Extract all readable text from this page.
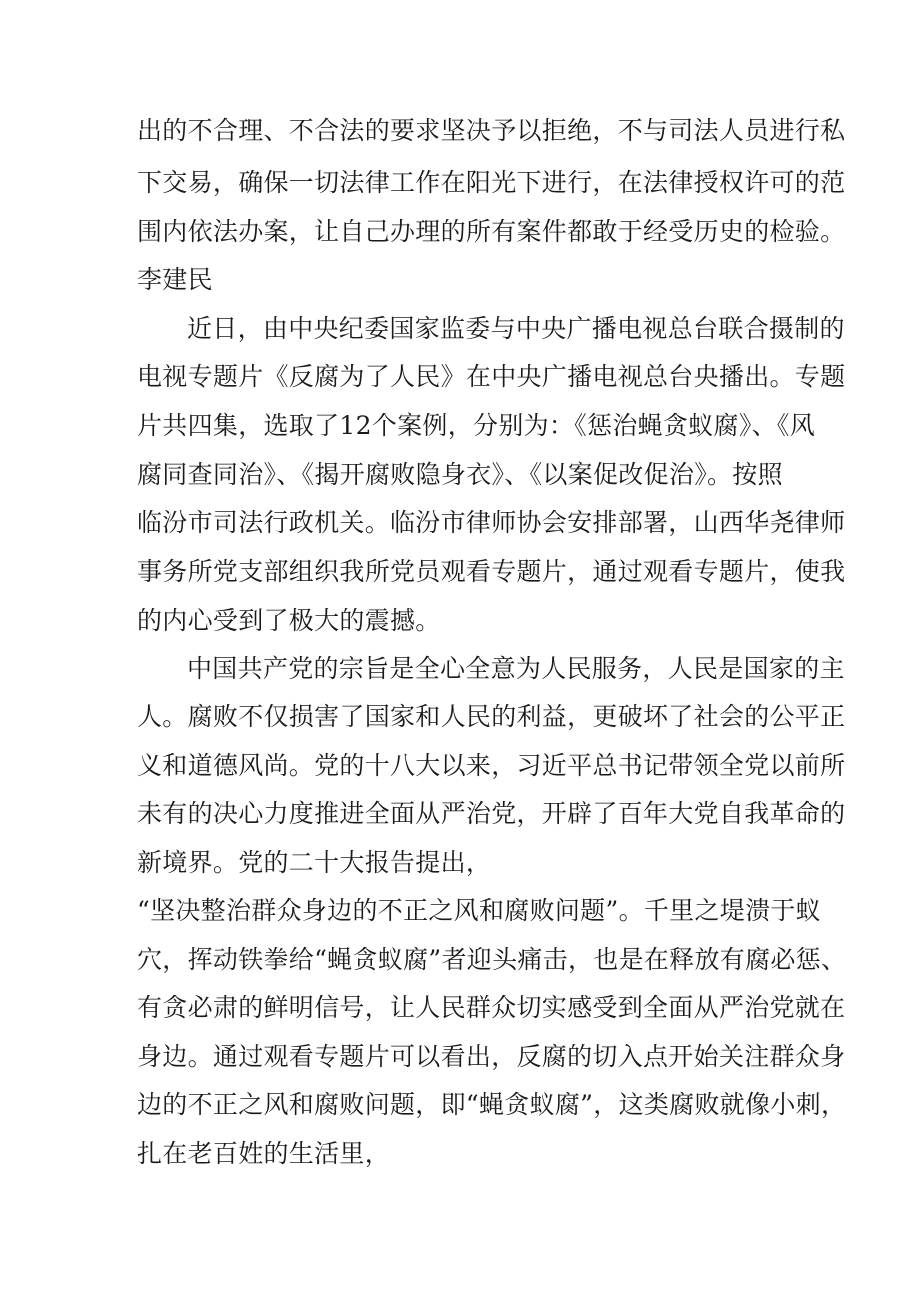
出的不合理、不合法的要求坚决予以拒绝，不与司法人员进行私
下交易，确保一切法律工作在阳光下进行，在法律授权许可的范
围内依法办案，让自己办理的所有案件都敢于经受历史的检验。
李建民
近日，由中央纪委国家监委与中央广播电视总台联合摄制的
电视专题片《反腐为了人民》在中央广播电视总台央播出。专题
片共四集，选取了12个案例，分别为：《惩治蝇贪蚁腐》、《风
腐同查同治》、《揭开腐败隐身衣》、《以案促改促治》。按照
临汾市司法行政机关。临汾市律师协会安排部署，山西华尧律师
事务所党支部组织我所党员观看专题片，通过观看专题片，使我
的内心受到了极大的震撼。
中国共产党的宗旨是全心全意为人民服务，人民是国家的主
人。腐败不仅损害了国家和人民的利益，更破坏了社会的公平正
义和道德风尚。党的十八大以来，习近平总书记带领全党以前所
未有的决心力度推进全面从严治党，开辟了百年大党自我革命的
新境界。党的二十大报告提出，
“坚决整治群众身边的不正之风和腐败问题”。千里之堤溃于蚁
穴，挥动铁拳给“蝇贪蚁腐”者迎头痛击，也是在释放有腐必惩、
有贪必肃的鲜明信号，让人民群众切实感受到全面从严治党就在
身边。通过观看专题片可以看出，反腐的切入点开始关注群众身
边的不正之风和腐败问题，即“蝇贪蚁腐”，这类腐败就像小刺，
扎在老百姓的生活里，
